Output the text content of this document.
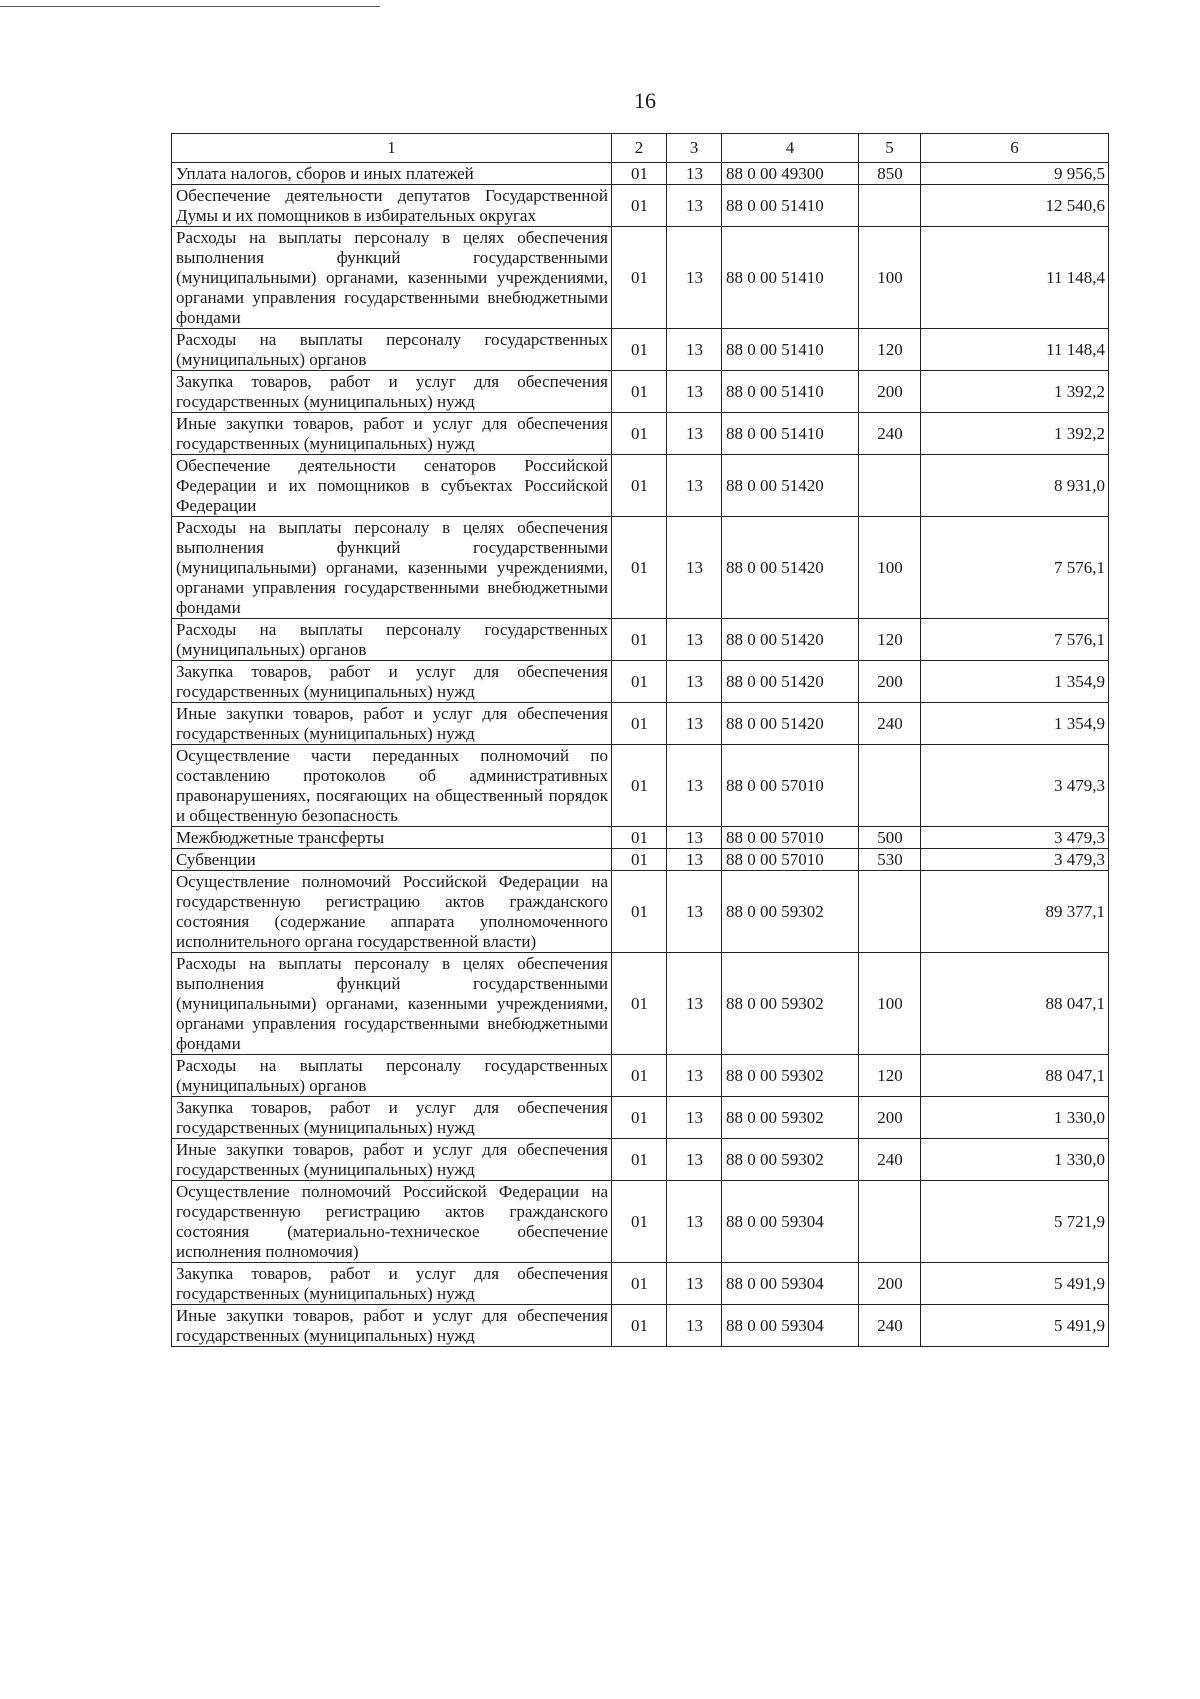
16
1	2	3	4	5	6
Уплата налогов, сборов и иных платежей	01	13	88 0 00 49300	850	9 956,5
Обеспечение деятельности депутатов Государственной Думы и их помощников в избирательных округах	01	13	88 0 00 51410		12 540,6
Расходы на выплаты персоналу в целях обеспечения выполнения функций государственными (муниципальными) органами, казенными учреждениями, органами управления государственными внебюджетными фондами	01	13	88 0 00 51410	100	11 148,4
Расходы на выплаты персоналу государственных (муниципальных) органов	01	13	88 0 00 51410	120	11 148,4
Закупка товаров, работ и услуг для обеспечения государственных (муниципальных) нужд	01	13	88 0 00 51410	200	1 392,2
Иные закупки товаров, работ и услуг для обеспечения государственных (муниципальных) нужд	01	13	88 0 00 51410	240	1 392,2
Обеспечение деятельности сенаторов Российской Федерации и их помощников в субъектах Российской Федерации	01	13	88 0 00 51420		8 931,0
Расходы на выплаты персоналу в целях обеспечения выполнения функций государственными (муниципальными) органами, казенными учреждениями, органами управления государственными внебюджетными фондами	01	13	88 0 00 51420	100	7 576,1
Расходы на выплаты персоналу государственных (муниципальных) органов	01	13	88 0 00 51420	120	7 576,1
Закупка товаров, работ и услуг для обеспечения государственных (муниципальных) нужд	01	13	88 0 00 51420	200	1 354,9
Иные закупки товаров, работ и услуг для обеспечения государственных (муниципальных) нужд	01	13	88 0 00 51420	240	1 354,9
Осуществление части переданных полномочий по составлению протоколов об административных правонарушениях, посягающих на общественный порядок и общественную безопасность	01	13	88 0 00 57010		3 479,3
Межбюджетные трансферты	01	13	88 0 00 57010	500	3 479,3
Субвенции	01	13	88 0 00 57010	530	3 479,3
Осуществление полномочий Российской Федерации на государственную регистрацию актов гражданского состояния (содержание аппарата уполномоченного исполнительного органа государственной власти)	01	13	88 0 00 59302		89 377,1
Расходы на выплаты персоналу в целях обеспечения выполнения функций государственными (муниципальными) органами, казенными учреждениями, органами управления государственными внебюджетными фондами	01	13	88 0 00 59302	100	88 047,1
Расходы на выплаты персоналу государственных (муниципальных) органов	01	13	88 0 00 59302	120	88 047,1
Закупка товаров, работ и услуг для обеспечения государственных (муниципальных) нужд	01	13	88 0 00 59302	200	1 330,0
Иные закупки товаров, работ и услуг для обеспечения государственных (муниципальных) нужд	01	13	88 0 00 59302	240	1 330,0
Осуществление полномочий Российской Федерации на государственную регистрацию актов гражданского состояния (материально-техническое обеспечение исполнения полномочия)	01	13	88 0 00 59304		5 721,9
Закупка товаров, работ и услуг для обеспечения государственных (муниципальных) нужд	01	13	88 0 00 59304	200	5 491,9
Иные закупки товаров, работ и услуг для обеспечения государственных (муниципальных) нужд	01	13	88 0 00 59304	240	5 491,9
